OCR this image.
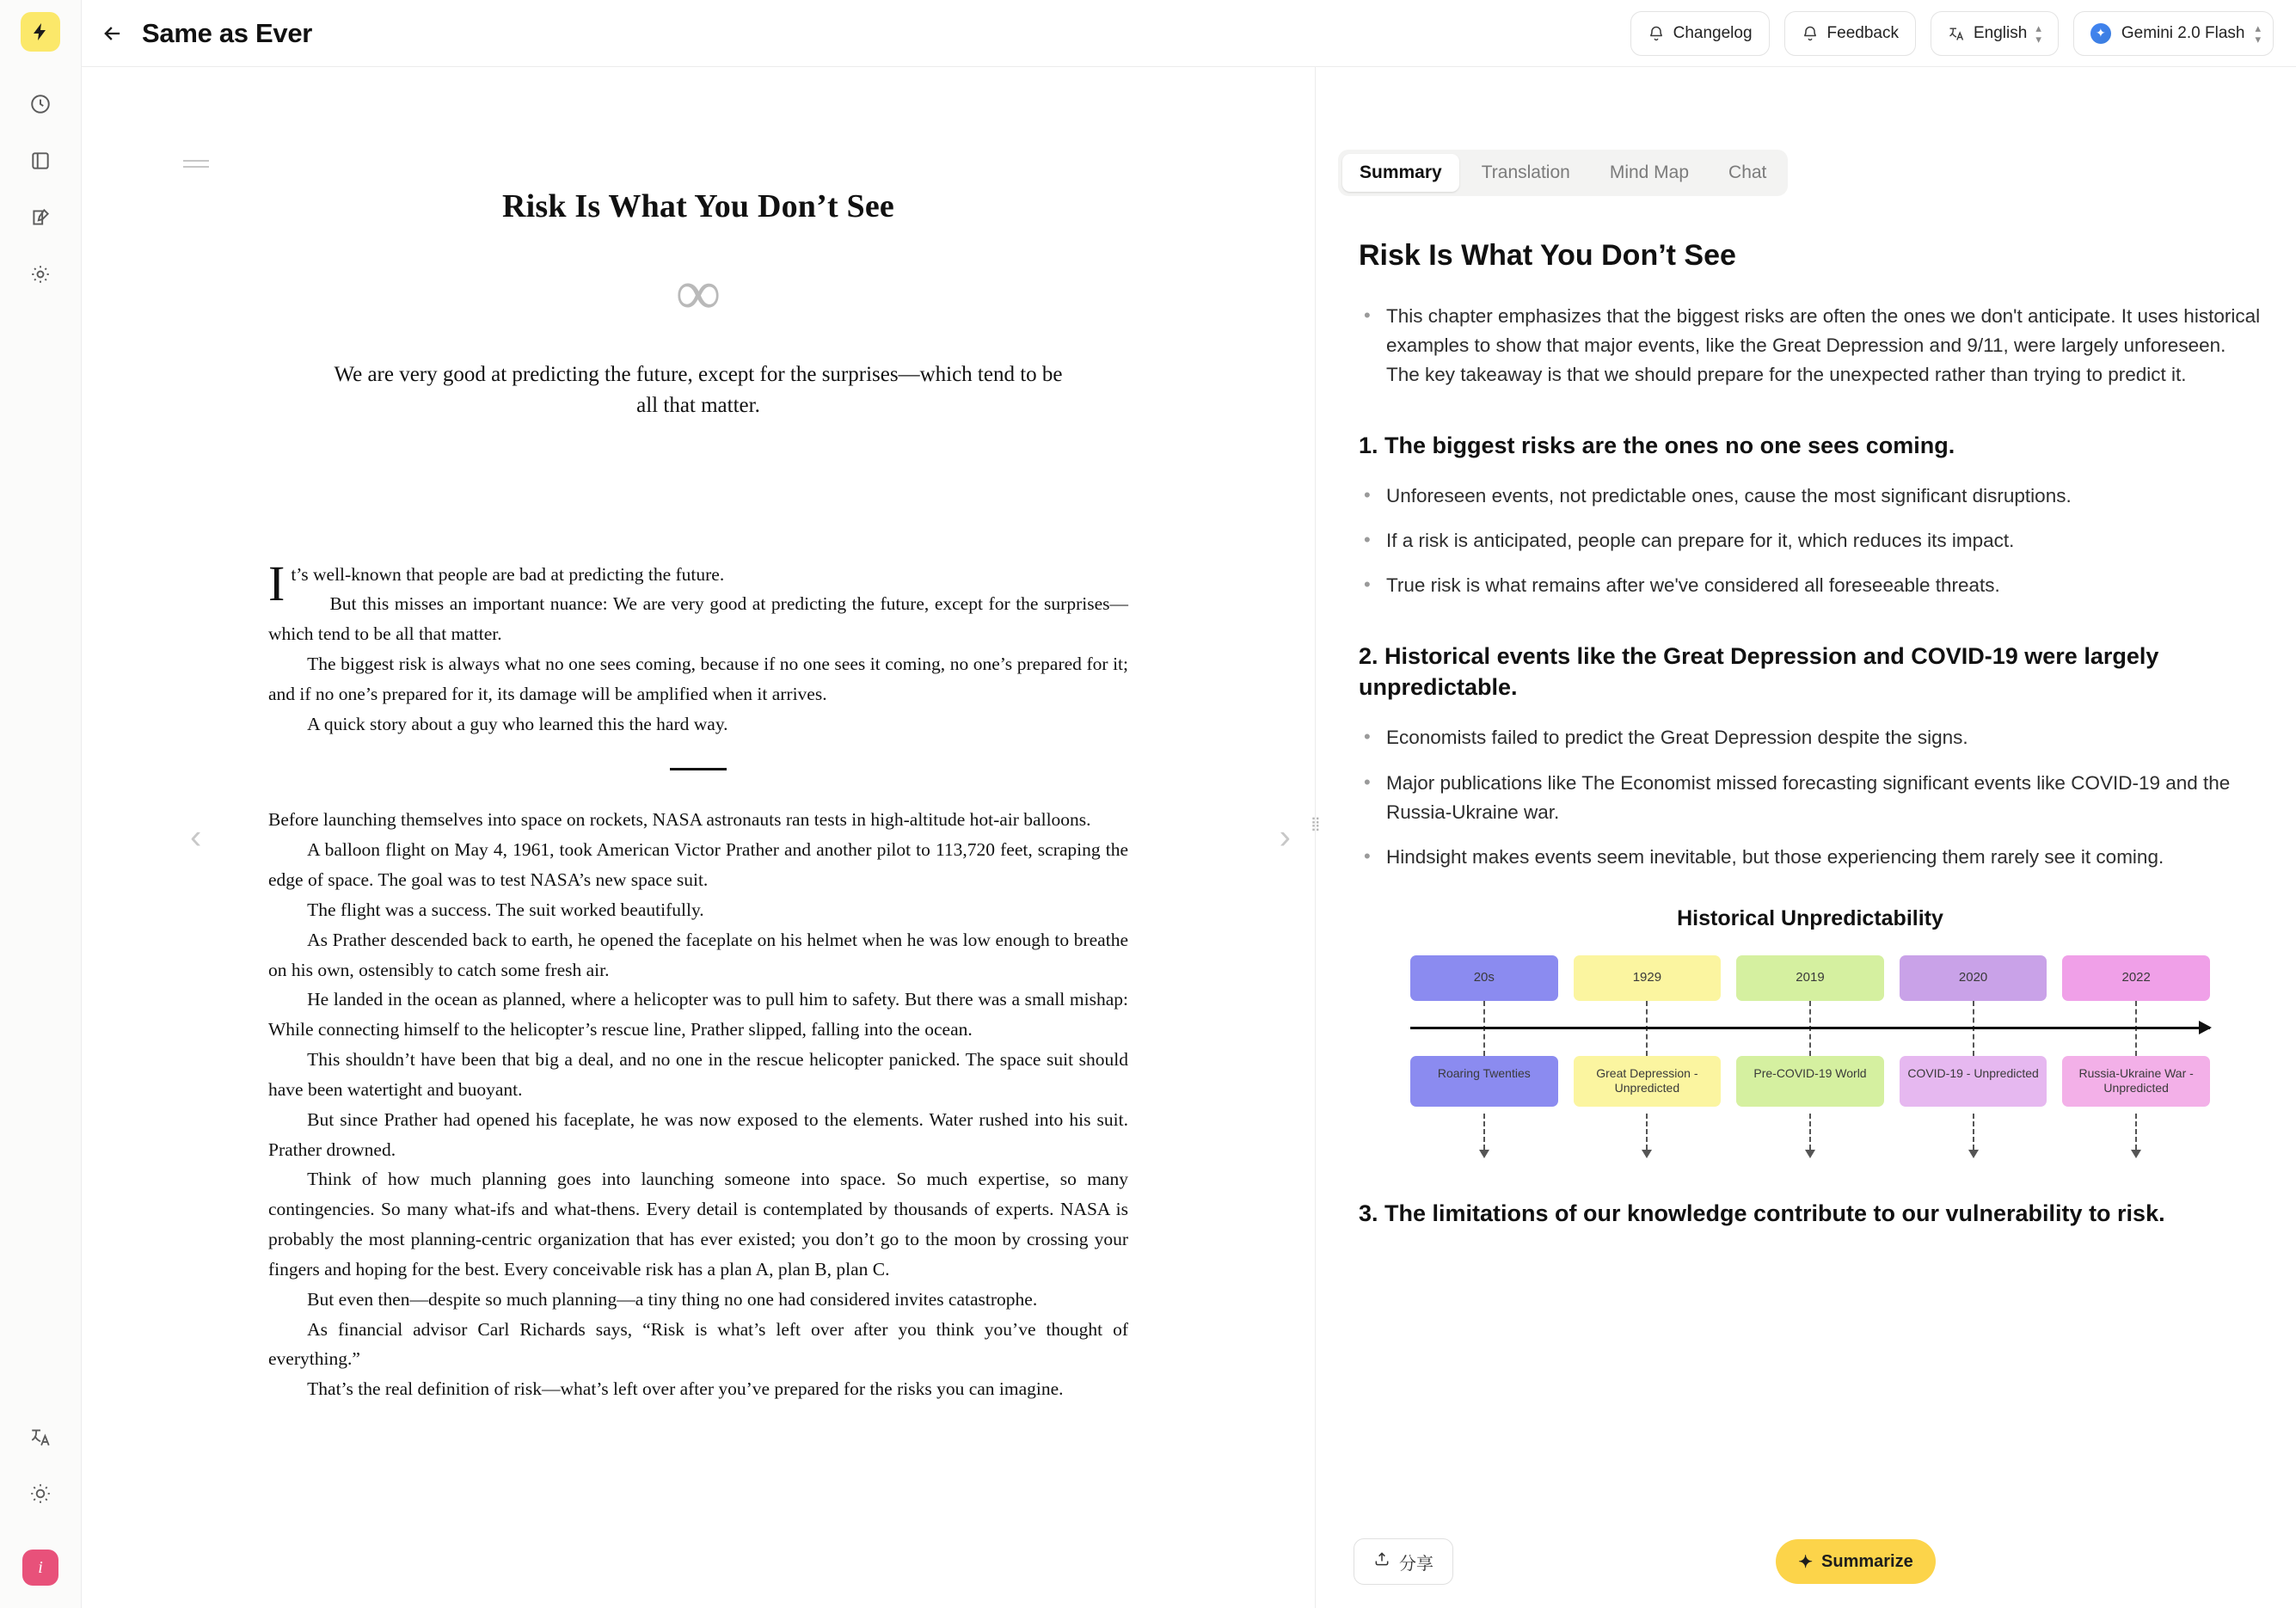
i
Same as Ever	Changelog	Feedback	English ▴
▾	✦ Gemini 2.0 Flash ▴
▾
Risk Is What You Don’t See
∞
We are very good at predicting the future, except for the surprises—which tend to be all that matter.

It’s well-known that people are bad at predicting the future.

But this misses an important nuance: We are very good at predicting the future, except for the surprises—which tend to be all that matter.

The biggest risk is always what no one sees coming, because if no one sees it coming, no one’s prepared for it; and if no one’s prepared for it, its damage will be amplified when it arrives.

A quick story about a guy who learned this the hard way.

Before launching themselves into space on rockets, NASA astronauts ran tests in high-altitude hot-air balloons.

A balloon flight on May 4, 1961, took American Victor Prather and another pilot to 113,720 feet, scraping the edge of space. The goal was to test NASA’s new space suit.

The flight was a success. The suit worked beautifully.

As Prather descended back to earth, he opened the faceplate on his helmet when he was low enough to breathe on his own, ostensibly to catch some fresh air.

He landed in the ocean as planned, where a helicopter was to pull him to safety. But there was a small mishap: While connecting himself to the helicopter’s rescue line, Prather slipped, falling into the ocean.

This shouldn’t have been that big a deal, and no one in the rescue helicopter panicked. The space suit should have been watertight and buoyant.

But since Prather had opened his faceplate, he was now exposed to the elements. Water rushed into his suit. Prather drowned.

Think of how much planning goes into launching someone into space. So much expertise, so many contingencies. So many what-ifs and what-thens. Every detail is contemplated by thousands of experts. NASA is probably the most planning-centric organization that has ever existed; you don’t go to the moon by crossing your fingers and hoping for the best. Every conceivable risk has a plan A, plan B, plan C.

But even then—despite so much planning—a tiny thing no one had considered invites catastrophe.

As financial advisor Carl Richards says, “Risk is what’s left over after you think you’ve thought of everything.”

That’s the real definition of risk—what’s left over after you’ve prepared for the risks you can imagine.

‹	› ⣿
Summary	Translation	Mind Map	Chat
Risk Is What You Don’t See
• This chapter emphasizes that the biggest risks are often the ones we don't anticipate. It uses historical examples to show that major events, like the Great Depression and 9/11, were largely unforeseen. The key takeaway is that we should prepare for the unexpected rather than trying to predict it.
1. The biggest risks are the ones no one sees coming.
• Unforeseen events, not predictable ones, cause the most significant disruptions.
• If a risk is anticipated, people can prepare for it, which reduces its impact.
• True risk is what remains after we've considered all foreseeable threats.
2. Historical events like the Great Depression and COVID‑19 were largely unpredictable.
• Economists failed to predict the Great Depression despite the signs.
• Major publications like The Economist missed forecasting significant events like COVID‑19 and the Russia‑Ukraine war.
• Hindsight makes events seem inevitable, but those experiencing them rarely see it coming.
Historical Unpredictability
20s	1929	2019	2020	2022
Roaring Twenties	Great Depression - Unpredicted
Pre-COVID-19 World	COVID-19 - Unpredicted	Russia-Ukraine War - Unpredicted
3. The limitations of our knowledge contribute to our vulnerability to risk.
分享	✦ Summarize
